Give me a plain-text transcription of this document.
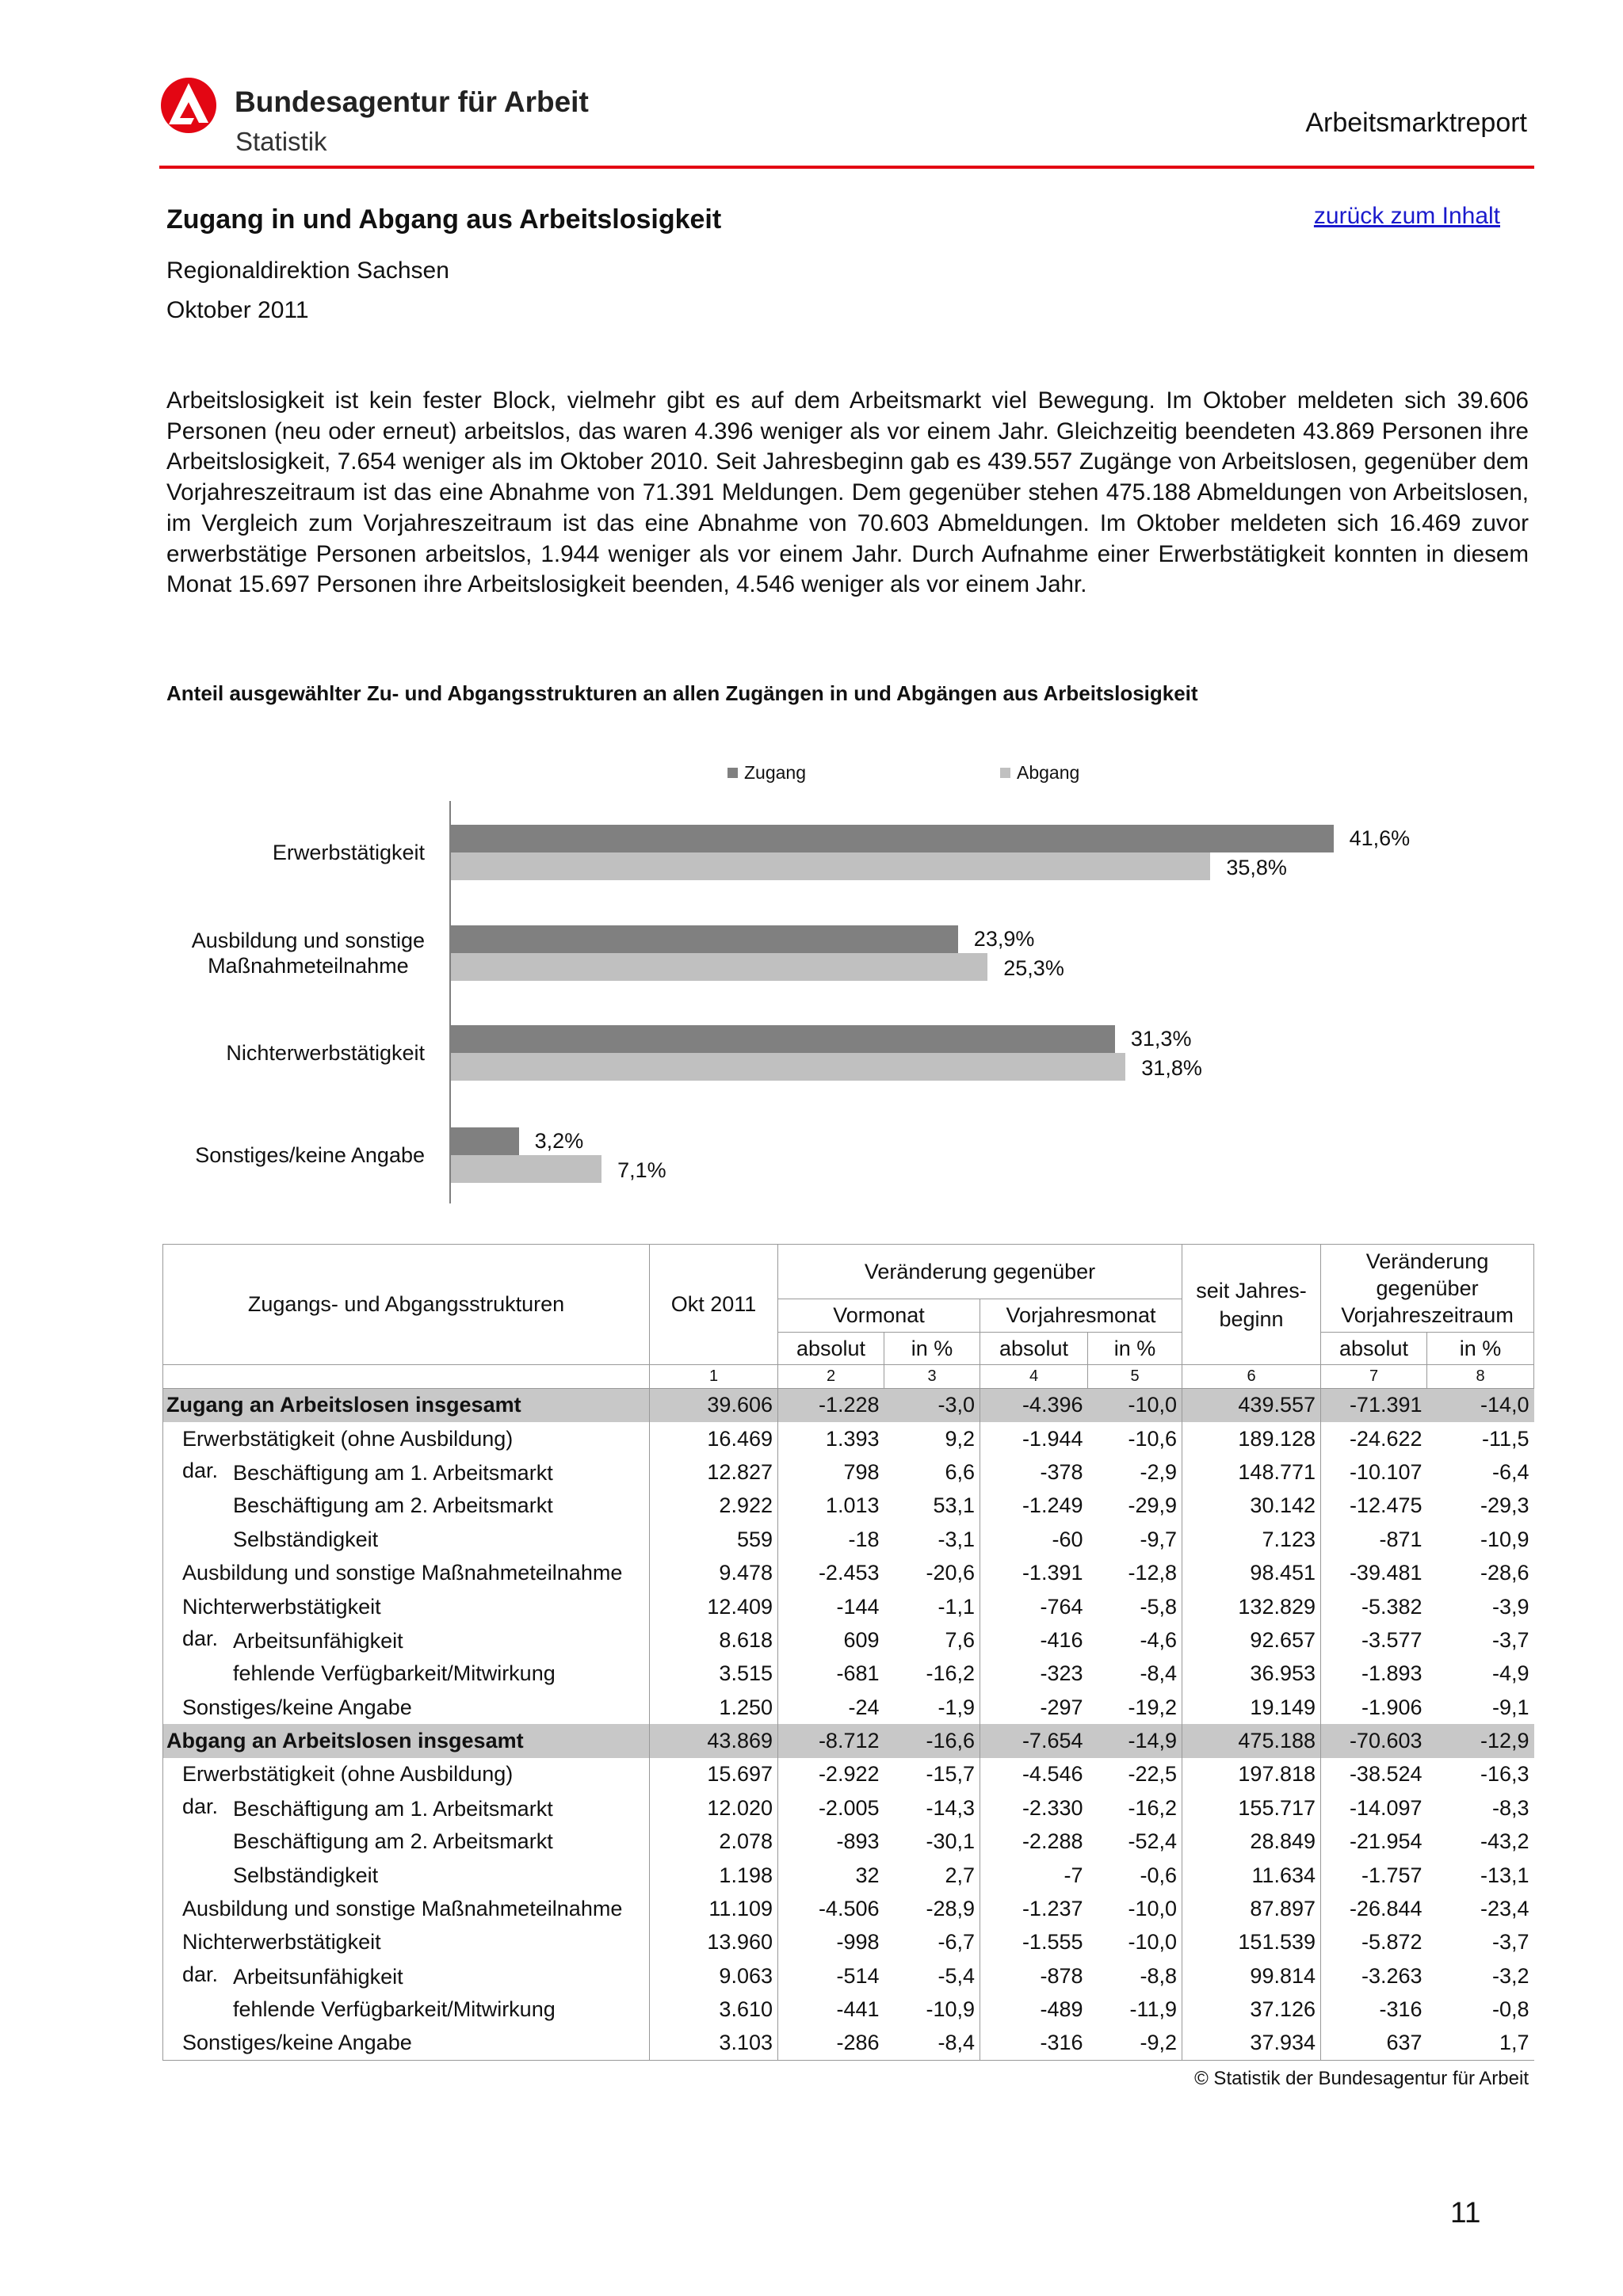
Bundesagentur für Arbeit
Statistik
Arbeitsmarktreport
Zugang in und Abgang aus Arbeitslosigkeit	zurück zum Inhalt
Regionaldirektion Sachsen
Oktober 2011
Arbeitslosigkeit ist kein fester Block, vielmehr gibt es auf dem Arbeitsmarkt viel Bewegung. Im Oktober meldeten sich 39.606 Personen (neu oder erneut) arbeitslos, das waren 4.396 weniger als vor einem Jahr. Gleichzeitig beendeten 43.869 Personen ihre Arbeitslosigkeit, 7.654 weniger als im Oktober 2010. Seit Jahresbeginn gab es 439.557 Zugänge von Arbeitslosen, gegenüber dem Vorjahreszeitraum ist das eine Abnahme von 71.391 Meldungen. Dem gegenüber stehen 475.188 Abmeldungen von Arbeitslosen, im Vergleich zum Vorjahreszeitraum ist das eine Abnahme von 70.603 Abmeldungen. Im Oktober meldeten sich 16.469 zuvor erwerbstätige Personen arbeitslos, 1.944 weniger als vor einem Jahr. Durch Aufnahme einer Erwerbstätigkeit konnten in diesem Monat 15.697 Personen ihre Arbeitslosigkeit beenden, 4.546 weniger als vor einem Jahr.
Anteil ausgewählter Zu- und Abgangsstrukturen an allen Zugängen in und Abgängen aus Arbeitslosigkeit
Zugang	Abgang
Erwerbstätigkeit
41,6%
35,8%
Ausbildung und sonstige
Maßnahmeteilnahme
23,9%
25,3%
Nichterwerbstätigkeit
31,3%
31,8%
Sonstiges/keine Angabe
3,2%
7,1%
Zugangs- und Abgangsstrukturen	Okt 2011	Veränderung gegenüber				seit Jahres-
beginn	Veränderung
gegenüber
Vorjahreszeitraum	
		Vormonat		Vorjahresmonat				
		absolut	in %	absolut	in %		absolut	in %
	1	2	3	4	5	6	7	8
Zugang an Arbeitslosen insgesamt	39.606	-1.228	-3,0	-4.396	-10,0	439.557	-71.391	-14,0
Erwerbstätigkeit (ohne Ausbildung)	16.469	1.393	9,2	-1.944	-10,6	189.128	-24.622	-11,5
dar. Beschäftigung am 1. Arbeitsmarkt	12.827	798	6,6	-378	-2,9	148.771	-10.107	-6,4
Beschäftigung am 2. Arbeitsmarkt	2.922	1.013	53,1	-1.249	-29,9	30.142	-12.475	-29,3
Selbständigkeit	559	-18	-3,1	-60	-9,7	7.123	-871	-10,9
Ausbildung und sonstige Maßnahmeteilnahme	9.478	-2.453	-20,6	-1.391	-12,8	98.451	-39.481	-28,6
Nichterwerbstätigkeit	12.409	-144	-1,1	-764	-5,8	132.829	-5.382	-3,9
dar. Arbeitsunfähigkeit	8.618	609	7,6	-416	-4,6	92.657	-3.577	-3,7
fehlende Verfügbarkeit/Mitwirkung	3.515	-681	-16,2	-323	-8,4	36.953	-1.893	-4,9
Sonstiges/keine Angabe	1.250	-24	-1,9	-297	-19,2	19.149	-1.906	-9,1
Abgang an Arbeitslosen insgesamt	43.869	-8.712	-16,6	-7.654	-14,9	475.188	-70.603	-12,9
Erwerbstätigkeit (ohne Ausbildung)	15.697	-2.922	-15,7	-4.546	-22,5	197.818	-38.524	-16,3
dar. Beschäftigung am 1. Arbeitsmarkt	12.020	-2.005	-14,3	-2.330	-16,2	155.717	-14.097	-8,3
Beschäftigung am 2. Arbeitsmarkt	2.078	-893	-30,1	-2.288	-52,4	28.849	-21.954	-43,2
Selbständigkeit	1.198	32	2,7	-7	-0,6	11.634	-1.757	-13,1
Ausbildung und sonstige Maßnahmeteilnahme	11.109	-4.506	-28,9	-1.237	-10,0	87.897	-26.844	-23,4
Nichterwerbstätigkeit	13.960	-998	-6,7	-1.555	-10,0	151.539	-5.872	-3,7
dar. Arbeitsunfähigkeit	9.063	-514	-5,4	-878	-8,8	99.814	-3.263	-3,2
fehlende Verfügbarkeit/Mitwirkung	3.610	-441	-10,9	-489	-11,9	37.126	-316	-0,8
Sonstiges/keine Angabe	3.103	-286	-8,4	-316	-9,2	37.934	637	1,7
© Statistik der Bundesagentur für Arbeit
11
